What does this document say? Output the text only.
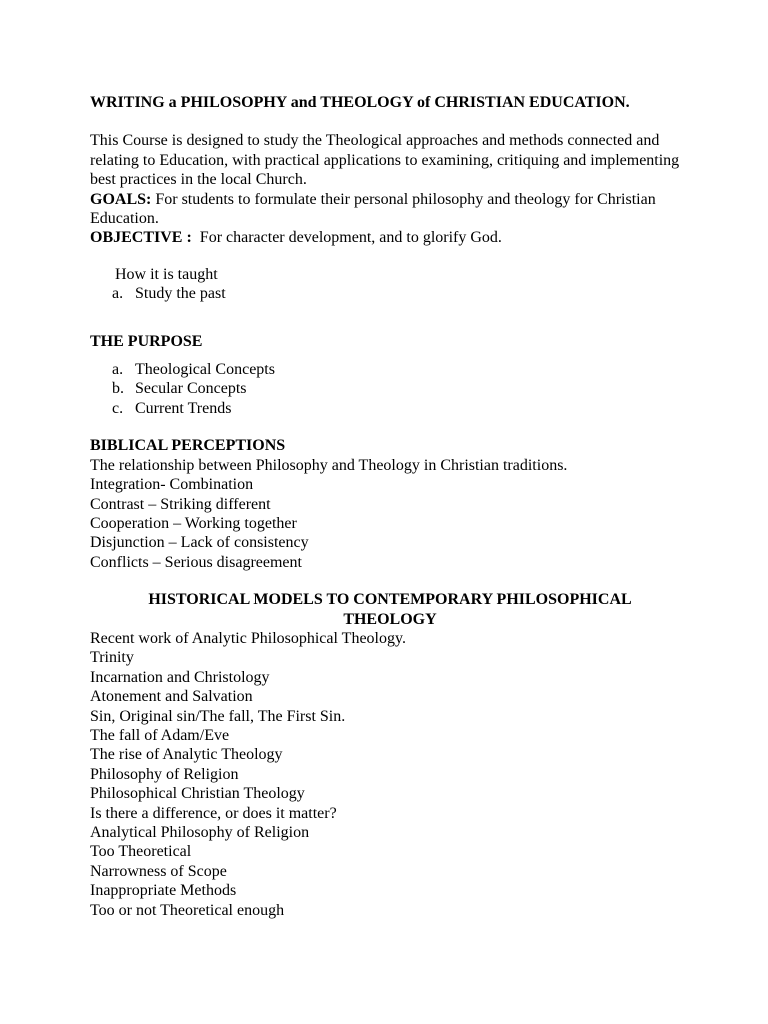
WRITING a PHILOSOPHY and THEOLOGY of CHRISTIAN EDUCATION.

This Course is designed to study the Theological approaches and methods connected and relating to Education, with practical applications to examining, critiquing and implementing best practices in the local Church.

GOALS: For students to formulate their personal philosophy and theology for Christian Education.

OBJECTIVE :  For character development, and to glorify God.

How it is taught

a. Study the past

THE PURPOSE

a. Theological Concepts
b. Secular Concepts
c. Current Trends

BIBLICAL PERCEPTIONS

The relationship between Philosophy and Theology in Christian traditions.

Integration- Combination

Contrast – Striking different

Cooperation – Working together

Disjunction – Lack of consistency

Conflicts – Serious disagreement

HISTORICAL MODELS TO CONTEMPORARY PHILOSOPHICAL THEOLOGY

Recent work of Analytic Philosophical Theology.

Trinity

Incarnation and Christology

Atonement and Salvation

Sin, Original sin/The fall, The First Sin.

The fall of Adam/Eve

The rise of Analytic Theology

Philosophy of Religion

Philosophical Christian Theology

Is there a difference, or does it matter?

Analytical Philosophy of Religion

Too Theoretical

Narrowness of Scope

Inappropriate Methods

Too or not Theoretical enough
